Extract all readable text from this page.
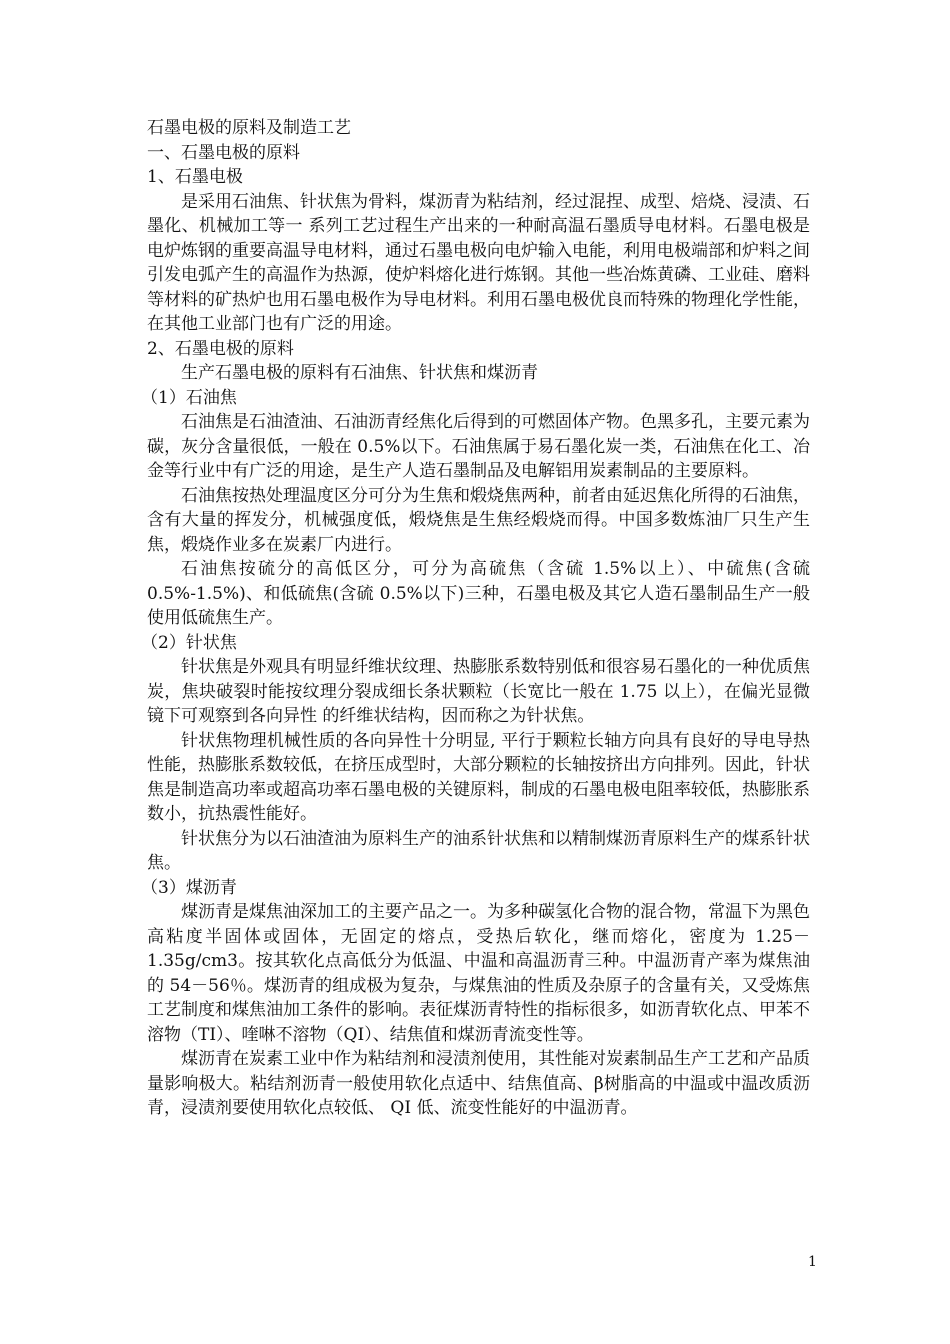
石墨电极的原料及制造工艺

一、石墨电极的原料

1、石墨电极

是采用石油焦、针状焦为骨料，煤沥青为粘结剂，经过混捏、成型、焙烧、浸渍、石墨化、机械加工等一 系列工艺过程生产出来的一种耐高温石墨质导电材料。石墨电极是电炉炼钢的重要高温导电材料，通过石墨电极向电炉输入电能，利用电极端部和炉料之间引发电弧产生的高温作为热源，使炉料熔化进行炼钢。其他一些冶炼黄磷、工业硅、磨料等材料的矿热炉也用石墨电极作为导电材料。利用石墨电极优良而特殊的物理化学性能，在其他工业部门也有广泛的用途。

2、石墨电极的原料

生产石墨电极的原料有石油焦、针状焦和煤沥青

（1）石油焦

石油焦是石油渣油、石油沥青经焦化后得到的可燃固体产物。色黑多孔，主要元素为碳，灰分含量很低，一般在 0.5%以下。石油焦属于易石墨化炭一类，石油焦在化工、冶金等行业中有广泛的用途，是生产人造石墨制品及电解铝用炭素制品的主要原料。

石油焦按热处理温度区分可分为生焦和煅烧焦两种，前者由延迟焦化所得的石油焦，含有大量的挥发分，机械强度低，煅烧焦是生焦经煅烧而得。中国多数炼油厂只生产生焦，煅烧作业多在炭素厂内进行。

石油焦按硫分的高低区分，可分为高硫焦（含硫 1.5%以上）、中硫焦(含硫0.5%-1.5%)、和低硫焦(含硫 0.5%以下)三种，石墨电极及其它人造石墨制品生产一般使用低硫焦生产。

（2）针状焦

针状焦是外观具有明显纤维状纹理、热膨胀系数特别低和很容易石墨化的一种优质焦炭，焦块破裂时能按纹理分裂成细长条状颗粒（长宽比一般在 1.75 以上），在偏光显微镜下可观察到各向异性 的纤维状结构，因而称之为针状焦。

针状焦物理机械性质的各向异性十分明显, 平行于颗粒长轴方向具有良好的导电导热性能，热膨胀系数较低，在挤压成型时，大部分颗粒的长轴按挤出方向排列。因此，针状焦是制造高功率或超高功率石墨电极的关键原料，制成的石墨电极电阻率较低，热膨胀系数小，抗热震性能好。

针状焦分为以石油渣油为原料生产的油系针状焦和以精制煤沥青原料生产的煤系针状焦。

（3）煤沥青

煤沥青是煤焦油深加工的主要产品之一。为多种碳氢化合物的混合物，常温下为黑色高粘度半固体或固体，无固定的熔点，受热后软化，继而熔化，密度为 1.25－1.35g/cm3。按其软化点高低分为低温、中温和高温沥青三种。中温沥青产率为煤焦油的 54－56％。煤沥青的组成极为复杂，与煤焦油的性质及杂原子的含量有关，又受炼焦工艺制度和煤焦油加工条件的影响。表征煤沥青特性的指标很多，如沥青软化点、甲苯不溶物（TI）、喹啉不溶物（QI）、结焦值和煤沥青流变性等。

煤沥青在炭素工业中作为粘结剂和浸渍剂使用，其性能对炭素制品生产工艺和产品质量影响极大。粘结剂沥青一般使用软化点适中、结焦值高、β树脂高的中温或中温改质沥青，浸渍剂要使用软化点较低、 QI 低、流变性能好的中温沥青。

1
